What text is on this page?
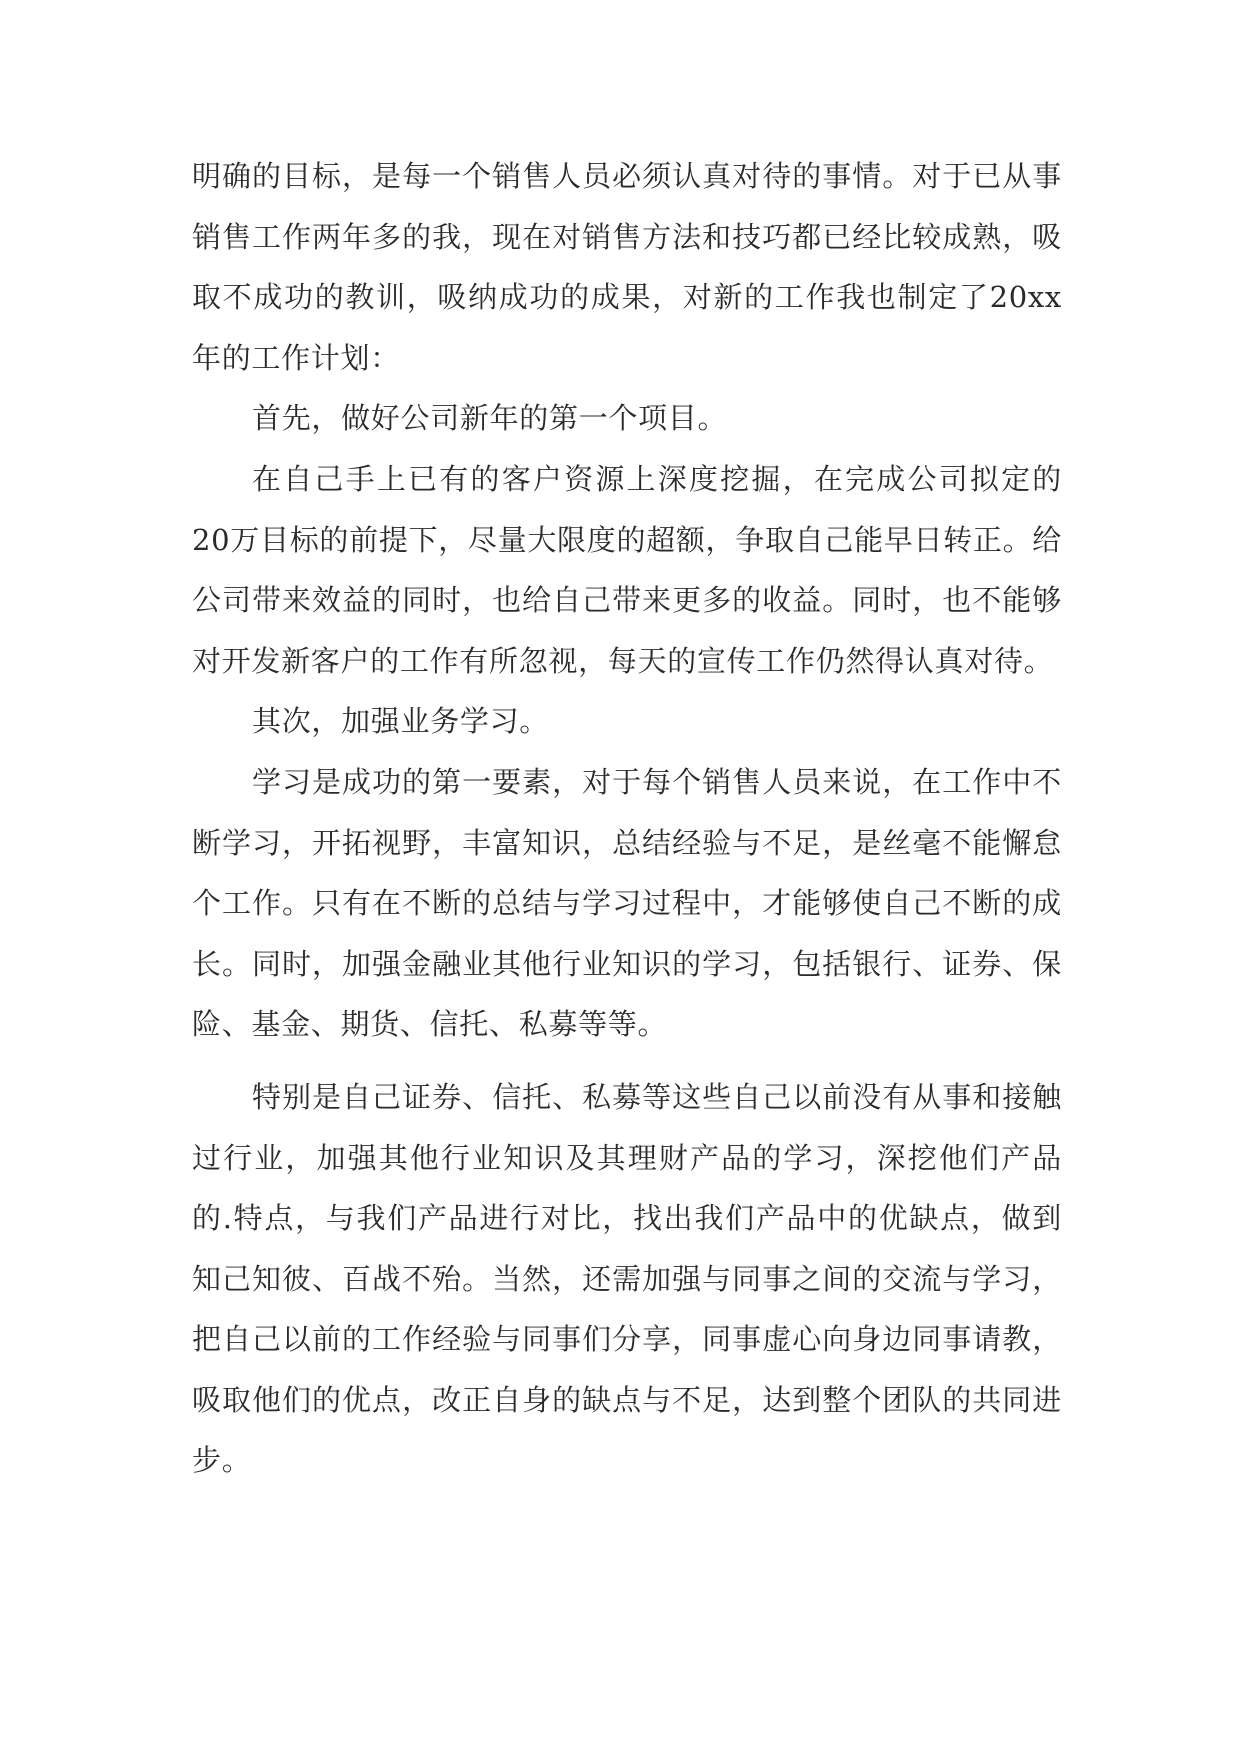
明确的目标，是每一个销售人员必须认真对待的事情。对于已从事销售工作两年多的我，现在对销售方法和技巧都已经比较成熟，吸取不成功的教训，吸纳成功的成果，对新的工作我也制定了20xx年的工作计划：

首先，做好公司新年的第一个项目。

在自己手上已有的客户资源上深度挖掘，在完成公司拟定的20万目标的前提下，尽量大限度的超额，争取自己能早日转正。给公司带来效益的同时，也给自己带来更多的收益。同时，也不能够对开发新客户的工作有所忽视，每天的宣传工作仍然得认真对待。

其次，加强业务学习。

学习是成功的第一要素，对于每个销售人员来说，在工作中不断学习，开拓视野，丰富知识，总结经验与不足，是丝毫不能懈怠个工作。只有在不断的总结与学习过程中，才能够使自己不断的成长。同时，加强金融业其他行业知识的学习，包括银行、证券、保险、基金、期货、信托、私募等等。

特别是自己证券、信托、私募等这些自己以前没有从事和接触过行业，加强其他行业知识及其理财产品的学习，深挖他们产品的.特点，与我们产品进行对比，找出我们产品中的优缺点，做到知己知彼、百战不殆。当然，还需加强与同事之间的交流与学习，把自己以前的工作经验与同事们分享，同事虚心向身边同事请教，吸取他们的优点，改正自身的缺点与不足，达到整个团队的共同进步。
